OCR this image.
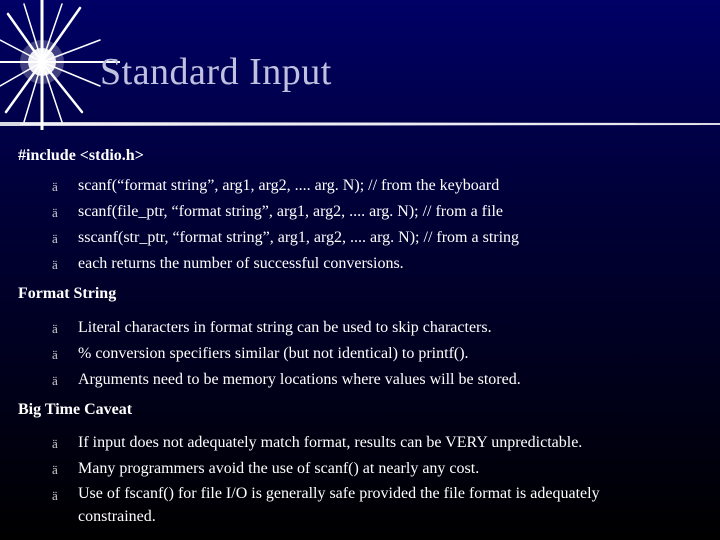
Standard Input
#include <stdio.h>
ä scanf(“format string”, arg1, arg2, .... arg. N); // from the keyboard
ä scanf(file_ptr, “format string”, arg1, arg2, .... arg. N); // from a file
ä sscanf(str_ptr, “format string”, arg1, arg2, .... arg. N); // from a string
ä each returns the number of successful conversions.
Format String
ä Literal characters in format string can be used to skip characters.
ä % conversion specifiers similar (but not identical) to printf().
ä Arguments need to be memory locations where values will be stored.
Big Time Caveat
ä If input does not adequately match format, results can be VERY unpredictable.
ä Many programmers avoid the use of scanf() at nearly any cost.
ä Use of fscanf() for file I/O is generally safe provided the file format is adequately constrained.
